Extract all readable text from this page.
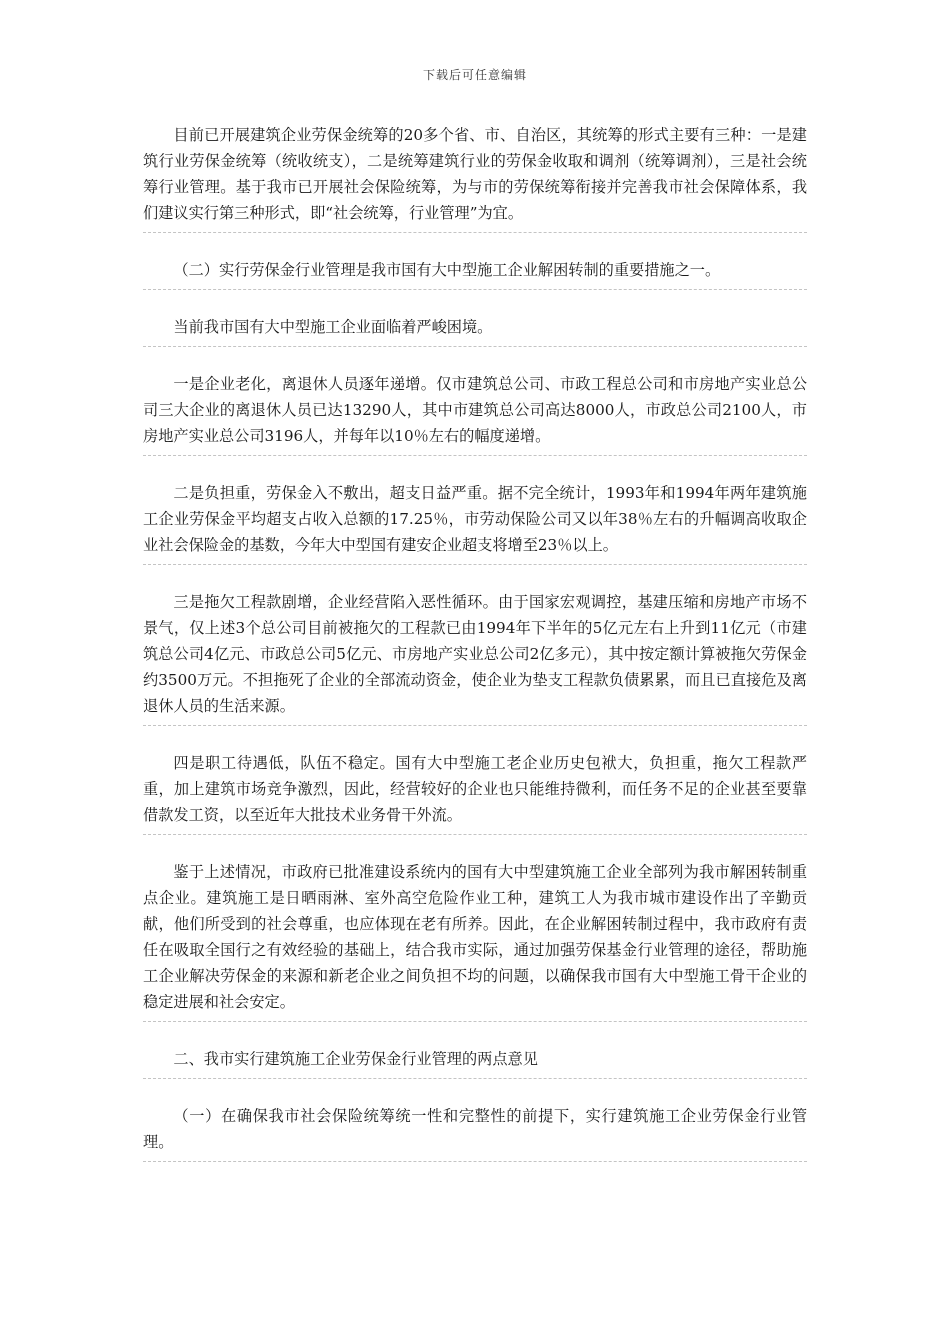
下载后可任意编辑

目前已开展建筑企业劳保金统筹的20多个省、市、自治区，其统筹的形式主要有三种：一是建筑行业劳保金统筹（统收统支），二是统筹建筑行业的劳保金收取和调剂（统筹调剂），三是社会统筹行业管理。基于我市已开展社会保险统筹，为与市的劳保统筹衔接并完善我市社会保障体系，我们建议实行第三种形式，即“社会统筹，行业管理”为宜。

（二）实行劳保金行业管理是我市国有大中型施工企业解困转制的重要措施之一。

当前我市国有大中型施工企业面临着严峻困境。

一是企业老化，离退休人员逐年递增。仅市建筑总公司、市政工程总公司和市房地产实业总公司三大企业的离退休人员已达13290人，其中市建筑总公司高达8000人，市政总公司2100人，市房地产实业总公司3196人，并每年以10％左右的幅度递增。

二是负担重，劳保金入不敷出，超支日益严重。据不完全统计，1993年和1994年两年建筑施工企业劳保金平均超支占收入总额的17.25％，市劳动保险公司又以年38％左右的升幅调高收取企业社会保险金的基数，今年大中型国有建安企业超支将增至23％以上。

三是拖欠工程款剧增，企业经营陷入恶性循环。由于国家宏观调控，基建压缩和房地产市场不景气，仅上述3个总公司目前被拖欠的工程款已由1994年下半年的5亿元左右上升到11亿元（市建筑总公司4亿元、市政总公司5亿元、市房地产实业总公司2亿多元），其中按定额计算被拖欠劳保金约3500万元。不担拖死了企业的全部流动资金，使企业为垫支工程款负债累累，而且已直接危及离退休人员的生活来源。

四是职工待遇低，队伍不稳定。国有大中型施工老企业历史包袱大，负担重，拖欠工程款严重，加上建筑市场竞争激烈，因此，经营较好的企业也只能维持微利，而任务不足的企业甚至要靠借款发工资，以至近年大批技术业务骨干外流。

鉴于上述情况，市政府已批准建设系统内的国有大中型建筑施工企业全部列为我市解困转制重点企业。建筑施工是日晒雨淋、室外高空危险作业工种，建筑工人为我市城市建设作出了辛勤贡献，他们所受到的社会尊重，也应体现在老有所养。因此，在企业解困转制过程中，我市政府有责任在吸取全国行之有效经验的基础上，结合我市实际，通过加强劳保基金行业管理的途径，帮助施工企业解决劳保金的来源和新老企业之间负担不均的问题，以确保我市国有大中型施工骨干企业的稳定进展和社会安定。

二、我市实行建筑施工企业劳保金行业管理的两点意见

（一）在确保我市社会保险统筹统一性和完整性的前提下，实行建筑施工企业劳保金行业管理。
